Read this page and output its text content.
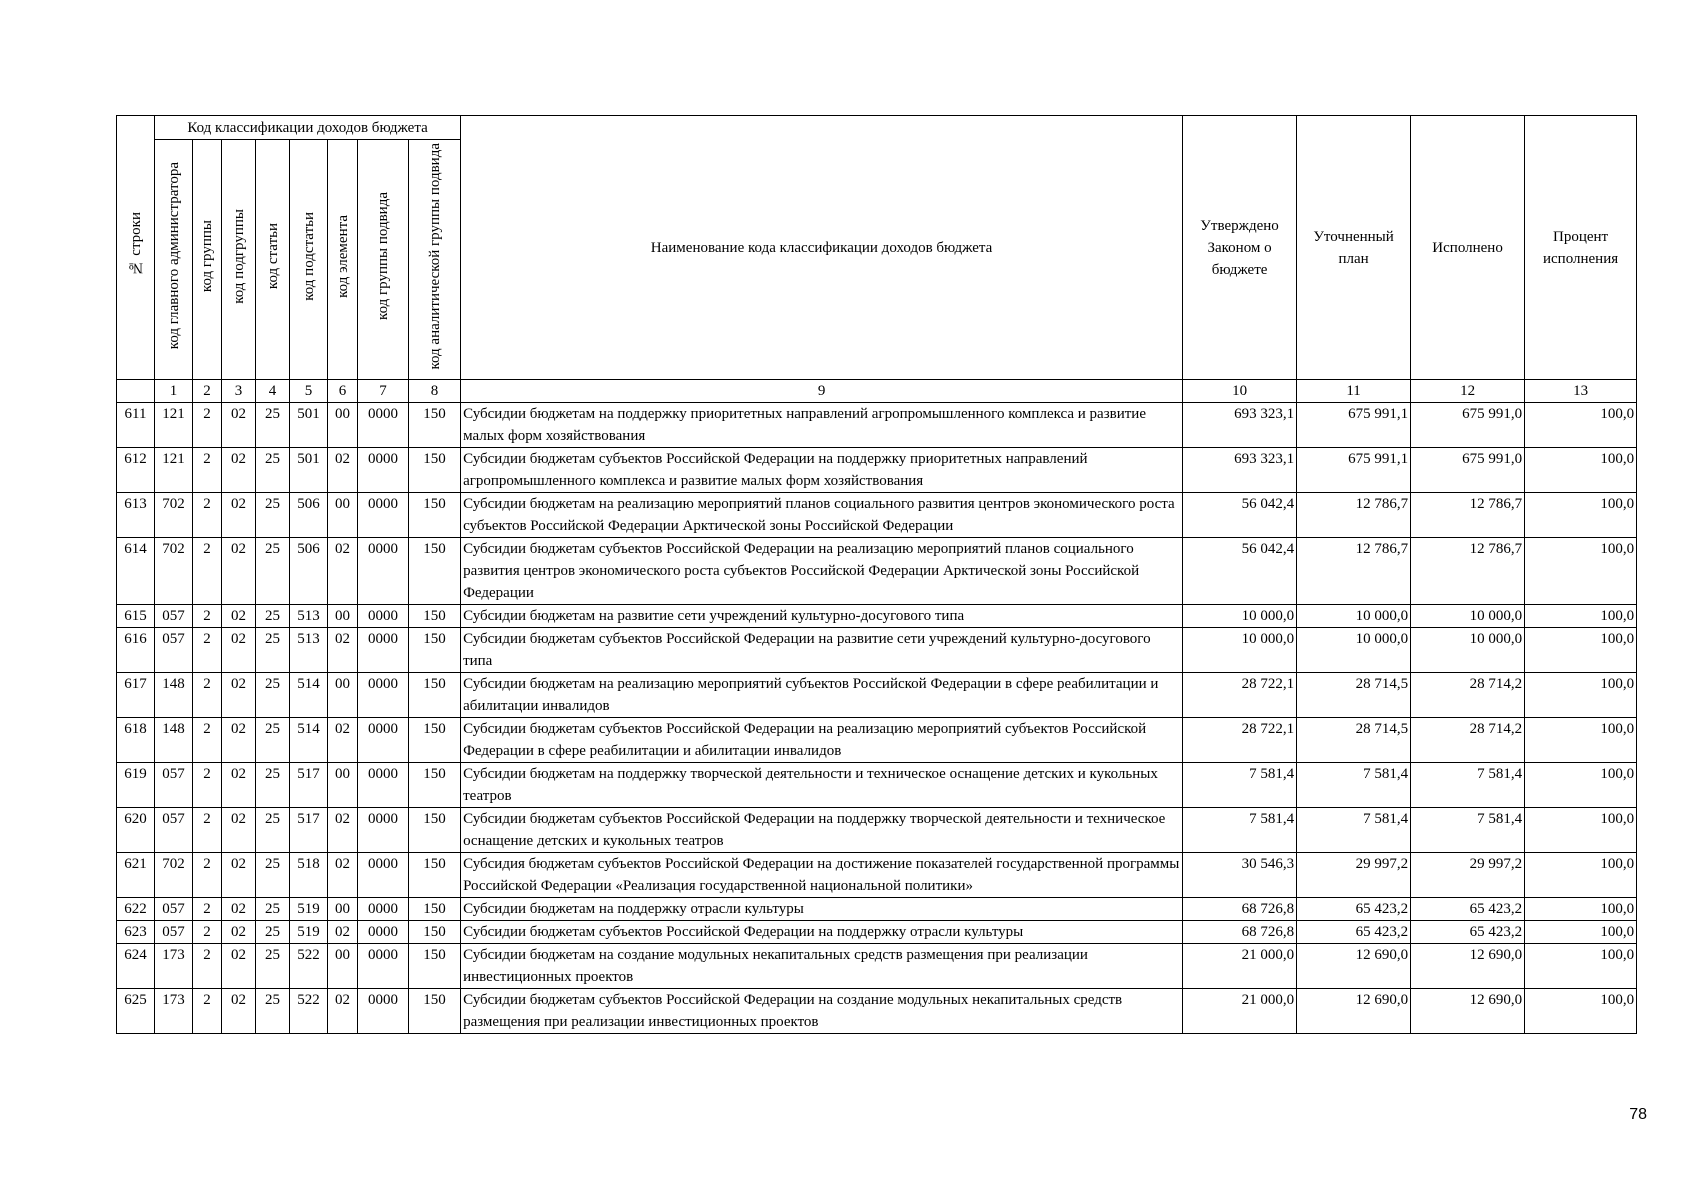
№ строки	Код классификации доходов бюджета								Наименование кода классификации доходов бюджета	Утверждено Законом о бюджете	Уточненный план	Исполнено	Процент исполнения
	код главного администратора	код группы	код подгруппы	код статьи	код подстатьи	код элемента	код группы подвида	код аналитической группы подвида					
	1	2	3	4	5	6	7	8	9	10	11	12	13
611	121	2	02	25	501	00	0000	150	Субсидии бюджетам на поддержку приоритетных направлений агропромышленного комплекса и развитие малых форм хозяйствования	693 323,1	675 991,1	675 991,0	100,0
612	121	2	02	25	501	02	0000	150	Субсидии бюджетам субъектов Российской Федерации на поддержку приоритетных направлений агропромышленного комплекса и развитие малых форм хозяйствования	693 323,1	675 991,1	675 991,0	100,0
613	702	2	02	25	506	00	0000	150	Субсидии бюджетам на реализацию мероприятий планов социального развития центров экономического роста субъектов Российской Федерации Арктической зоны Российской Федерации	56 042,4	12 786,7	12 786,7	100,0
614	702	2	02	25	506	02	0000	150	Субсидии бюджетам субъектов Российской Федерации на реализацию мероприятий планов социального развития центров экономического роста субъектов Российской Федерации Арктической зоны Российской Федерации	56 042,4	12 786,7	12 786,7	100,0
615	057	2	02	25	513	00	0000	150	Субсидии бюджетам на развитие сети учреждений культурно-досугового типа	10 000,0	10 000,0	10 000,0	100,0
616	057	2	02	25	513	02	0000	150	Субсидии бюджетам субъектов Российской Федерации на развитие сети учреждений культурно-досугового типа	10 000,0	10 000,0	10 000,0	100,0
617	148	2	02	25	514	00	0000	150	Субсидии бюджетам на реализацию мероприятий субъектов Российской Федерации в сфере реабилитации и абилитации инвалидов	28 722,1	28 714,5	28 714,2	100,0
618	148	2	02	25	514	02	0000	150	Субсидии бюджетам субъектов Российской Федерации на реализацию мероприятий субъектов Российской Федерации в сфере реабилитации и абилитации инвалидов	28 722,1	28 714,5	28 714,2	100,0
619	057	2	02	25	517	00	0000	150	Субсидии бюджетам на поддержку творческой деятельности и техническое оснащение детских и кукольных театров	7 581,4	7 581,4	7 581,4	100,0
620	057	2	02	25	517	02	0000	150	Субсидии бюджетам субъектов Российской Федерации на поддержку творческой деятельности и техническое оснащение детских и кукольных театров	7 581,4	7 581,4	7 581,4	100,0
621	702	2	02	25	518	02	0000	150	Субсидия бюджетам субъектов Российской Федерации на достижение показателей государственной программы Российской Федерации «Реализация государственной национальной политики»	30 546,3	29 997,2	29 997,2	100,0
622	057	2	02	25	519	00	0000	150	Субсидии бюджетам на поддержку отрасли культуры	68 726,8	65 423,2	65 423,2	100,0
623	057	2	02	25	519	02	0000	150	Субсидии бюджетам субъектов Российской Федерации на поддержку отрасли культуры	68 726,8	65 423,2	65 423,2	100,0
624	173	2	02	25	522	00	0000	150	Субсидии бюджетам на создание модульных некапитальных средств размещения при реализации инвестиционных проектов	21 000,0	12 690,0	12 690,0	100,0
625	173	2	02	25	522	02	0000	150	Субсидии бюджетам субъектов Российской Федерации на создание модульных некапитальных средств размещения при реализации инвестиционных проектов	21 000,0	12 690,0	12 690,0	100,0
78
